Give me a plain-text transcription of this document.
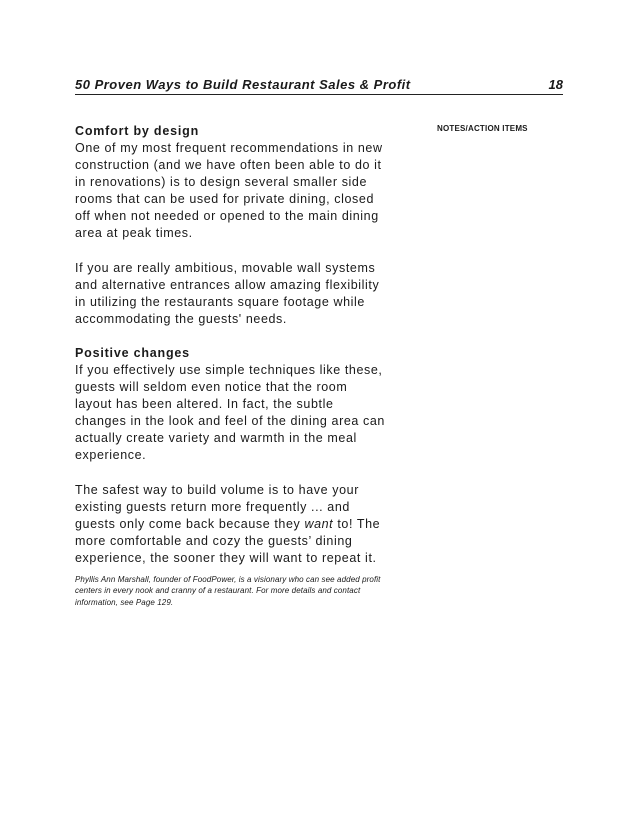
50 Proven Ways to Build Restaurant Sales & Profit	18
NOTES/ACTION ITEMS

Comfort by design

One of my most frequent recommendations in new construction (and we have often been able to do it in renovations) is to design several smaller side rooms that can be used for private dining, closed off when not needed or opened to the main dining area at peak times.

If you are really ambitious, movable wall systems and alternative entrances allow amazing flexibility in utilizing the restaurants square footage while accommodating the guests' needs.

Positive changes

If you effectively use simple techniques like these, guests will seldom even notice that the room layout has been altered. In fact, the subtle changes in the look and feel of the dining area can actually create variety and warmth in the meal experience.

The safest way to build volume is to have your existing guests return more frequently ... and guests only come back because they want to! The more comfortable and cozy the guests’ dining experience, the sooner they will want to repeat it.

Phyllis Ann Marshall, founder of FoodPower, is a visionary who can see added profit centers in every nook and cranny of a restaurant. For more details and contact information, see Page 129.
